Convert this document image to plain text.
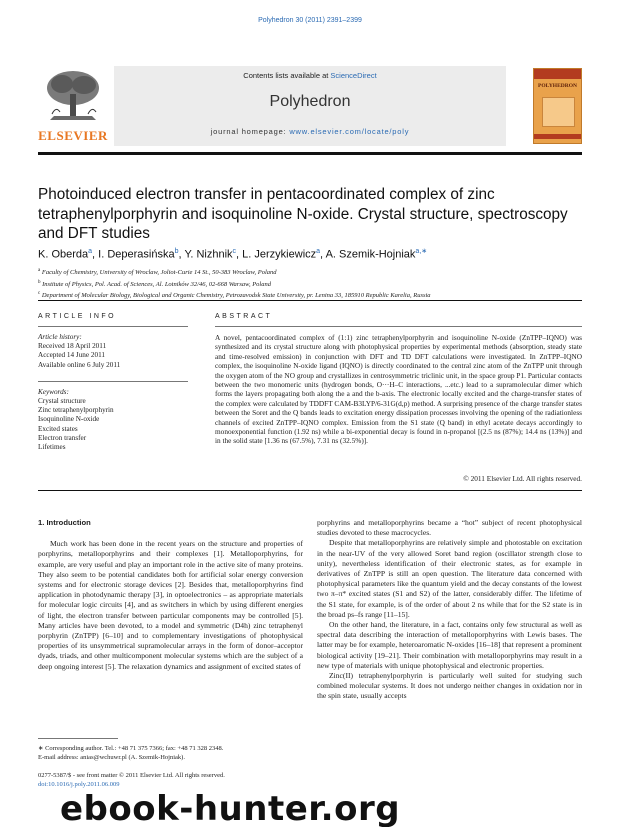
Polyhedron 30 (2011) 2391–2399
ELSEVIER
Contents lists available at ScienceDirect
Polyhedron
journal homepage: www.elsevier.com/locate/poly
POLYHEDRON
Photoinduced electron transfer in pentacoordinated complex of zinc tetraphenylporphyrin and isoquinoline N-oxide. Crystal structure, spectroscopy and DFT studies
K. Oberda$^a$, I. Deperasińska$^b$, Y. Nizhnik$^c$, L. Jerzykiewicz$^a$, A. Szemik-Hojniak$^{a,∗}$
$^a$ Faculty of Chemistry, University of Wroclaw, Joliot-Curie 14 St., 50-383 Wroclaw, Poland
$^b$ Institute of Physics, Pol. Acad. of Sciences, Al. Lotników 32/46, 02-668 Warsaw, Poland
$^c$ Department of Molecular Biology, Biological and Organic Chemistry, Petrozavodsk State University, pr. Lenina 33, 185910 Republic Karelia, Russia
ARTICLE INFO	ABSTRACT
Article history:
Received 18 April 2011
Accepted 14 June 2011
Available online 6 July 2011
Keywords:
Crystal structure
Zinc tetraphenylporphyrin
Isoquinoline N-oxide
Excited states
Electron transfer
Lifetimes
A novel, pentacoordinated complex of (1:1) zinc tetraphenylporphyrin and isoquinoline N-oxide (ZnTPP–IQNO) was synthesized and its crystal structure along with photophysical properties by experimental methods (absorption, steady state and time-resolved emission) in conjunction with DFT and TD DFT calculations were investigated. In ZnTPP–IQNO complex, the isoquinoline N-oxide ligand (IQNO) is directly coordinated to the central zinc atom of the ZnTPP unit through the oxygen atom of the NO group and crystallizes in centrosymmetric triclinic unit, in the space group P1. Particular contacts between the two monomeric units (hydrogen bonds, O···H–C interactions, ...etc.) lead to a supramolecular dimer which forms the layers propagating both along the a and the b-axis. The electronic locally excited and the charge-transfer states of the complex were calculated by TDDFT CAM-B3LYP/6-31G(d,p) method. A surprising presence of the charge transfer states between the Soret and the Q bands leads to excitation energy dissipation processes involving the opening of the radiationless channels of excited ZnTPP–IQNO complex. Emission from the S1 state (Q band) in ethyl acetate decays accordingly to monoexponential function (1.92 ns) while a bi-exponential decay is found in n-propanol [(2.5 ns (87%); 14.4 ns (13%)] and in the solid state [1.36 ns (67.5%), 7.31 ns (32.5%)].
© 2011 Elsevier Ltd. All rights reserved.
1. Introduction

Much work has been done in the recent years on the structure and properties of porphyrins, metalloporphyrins and their complexes [1]. Metalloporphyrins, for example, are very useful and play an important role in the active site of many proteins. They also seem to be potential candidates both for artificial solar energy conversion systems and for electronic storage devices [2]. Besides that, metalloporphyrins find application in photodynamic therapy [3], in optoelectronics – as appropriate materials for molecular logic circuits [4], and as switchers in which by using different energies of light, the electron transfer between particular components may be controlled [5]. Many articles have been devoted, to a model and symmetric (D4h) zinc tetraphenyl porphyrin (ZnTPP) [6–10] and to complementary investigations of photophysical properties of its unsymmetrical supramolecular arrays in the form of donor–acceptor dyads, triads, and other multicomponent molecular systems which are the subject of a deep ongoing interest [5]. The relaxation dynamics and assignment of excited states of

porphyrins and metalloporphyrins became a “hot” subject of recent photophysical studies devoted to these macrocycles.

Despite that metalloporphyrins are relatively simple and photostable on excitation in the near-UV of the very allowed Soret band region (oscillator strength close to unity), nevertheless identification of their electronic states, as for example in derivatives of ZnTPP is still an open question. The literature data concerned with photophysical parameters like the quantum yield and the decay constants of the lowest two π–π* excited states (S1 and S2) of the latter, considerably differ. The lifetime of the S1 state, for example, is of the order of about 2 ns while that for the S2 state is in the broad ps–fs range [11–15].

On the other hand, the literature, in a fact, contains only few structural as well as spectral data describing the interaction of metalloporphyrins with Lewis bases. The latter may be for example, heteroaromatic N-oxides [16–18] that represent a prominent biological activity [19–21]. Their combination with metalloporphyrins may result in a new type of materials with unique photophysical and electronic properties.

Zinc(II) tetraphenylporphyrin is particularly well suited for studying such combined molecular systems. It does not undergo neither changes in oxidation nor in the spin state, usually accepts

∗ Corresponding author. Tel.: +48 71 375 7366; fax: +48 71 328 2348.
E-mail address: anias@wchuwr.pl (A. Szemik-Hojniak).
0277-5387/$ - see front matter © 2011 Elsevier Ltd. All rights reserved.
doi:10.1016/j.poly.2011.06.009
ebook-hunter.org
